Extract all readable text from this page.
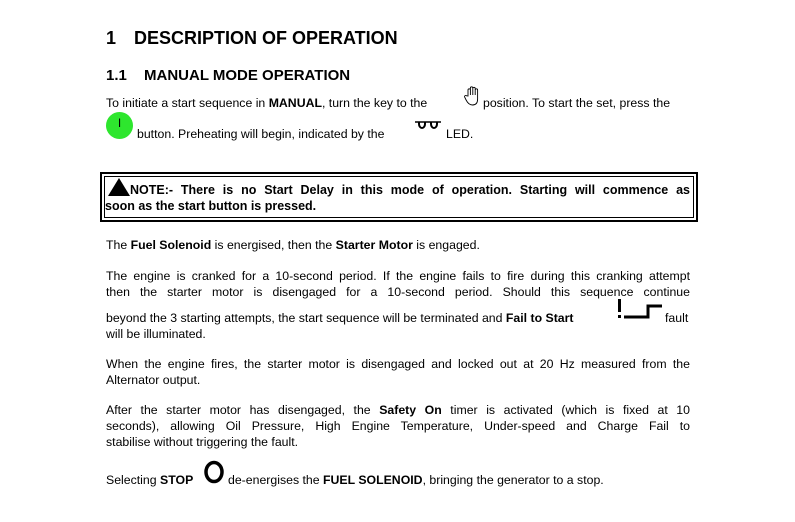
1 DESCRIPTION OF OPERATION
1.1 MANUAL MODE OPERATION
To initiate a start sequence in MANUAL, turn the key to the	position. To start the set, press the
I
button. Preheating will begin, indicated by the	LED.
NOTE:- There is no Start Delay in this mode of operation. Starting will commence as
soon as the start button is pressed.
The Fuel Solenoid is energised, then the Starter Motor is engaged.
The engine is cranked for a 10-second period. If the engine fails to fire during this cranking attempt
then the starter motor is disengaged for a 10-second period. Should this sequence continue
beyond the 3 starting attempts, the start sequence will be terminated and Fail to Start	fault
will be illuminated.
When the engine fires, the starter motor is disengaged and locked out at 20 Hz measured from the
Alternator output.
After the starter motor has disengaged, the Safety On timer is activated (which is fixed at 10
seconds), allowing Oil Pressure, High Engine Temperature, Under-speed and Charge Fail to
stabilise without triggering the fault.
Selecting STOP	de-energises the FUEL SOLENOID, bringing the generator to a stop.
